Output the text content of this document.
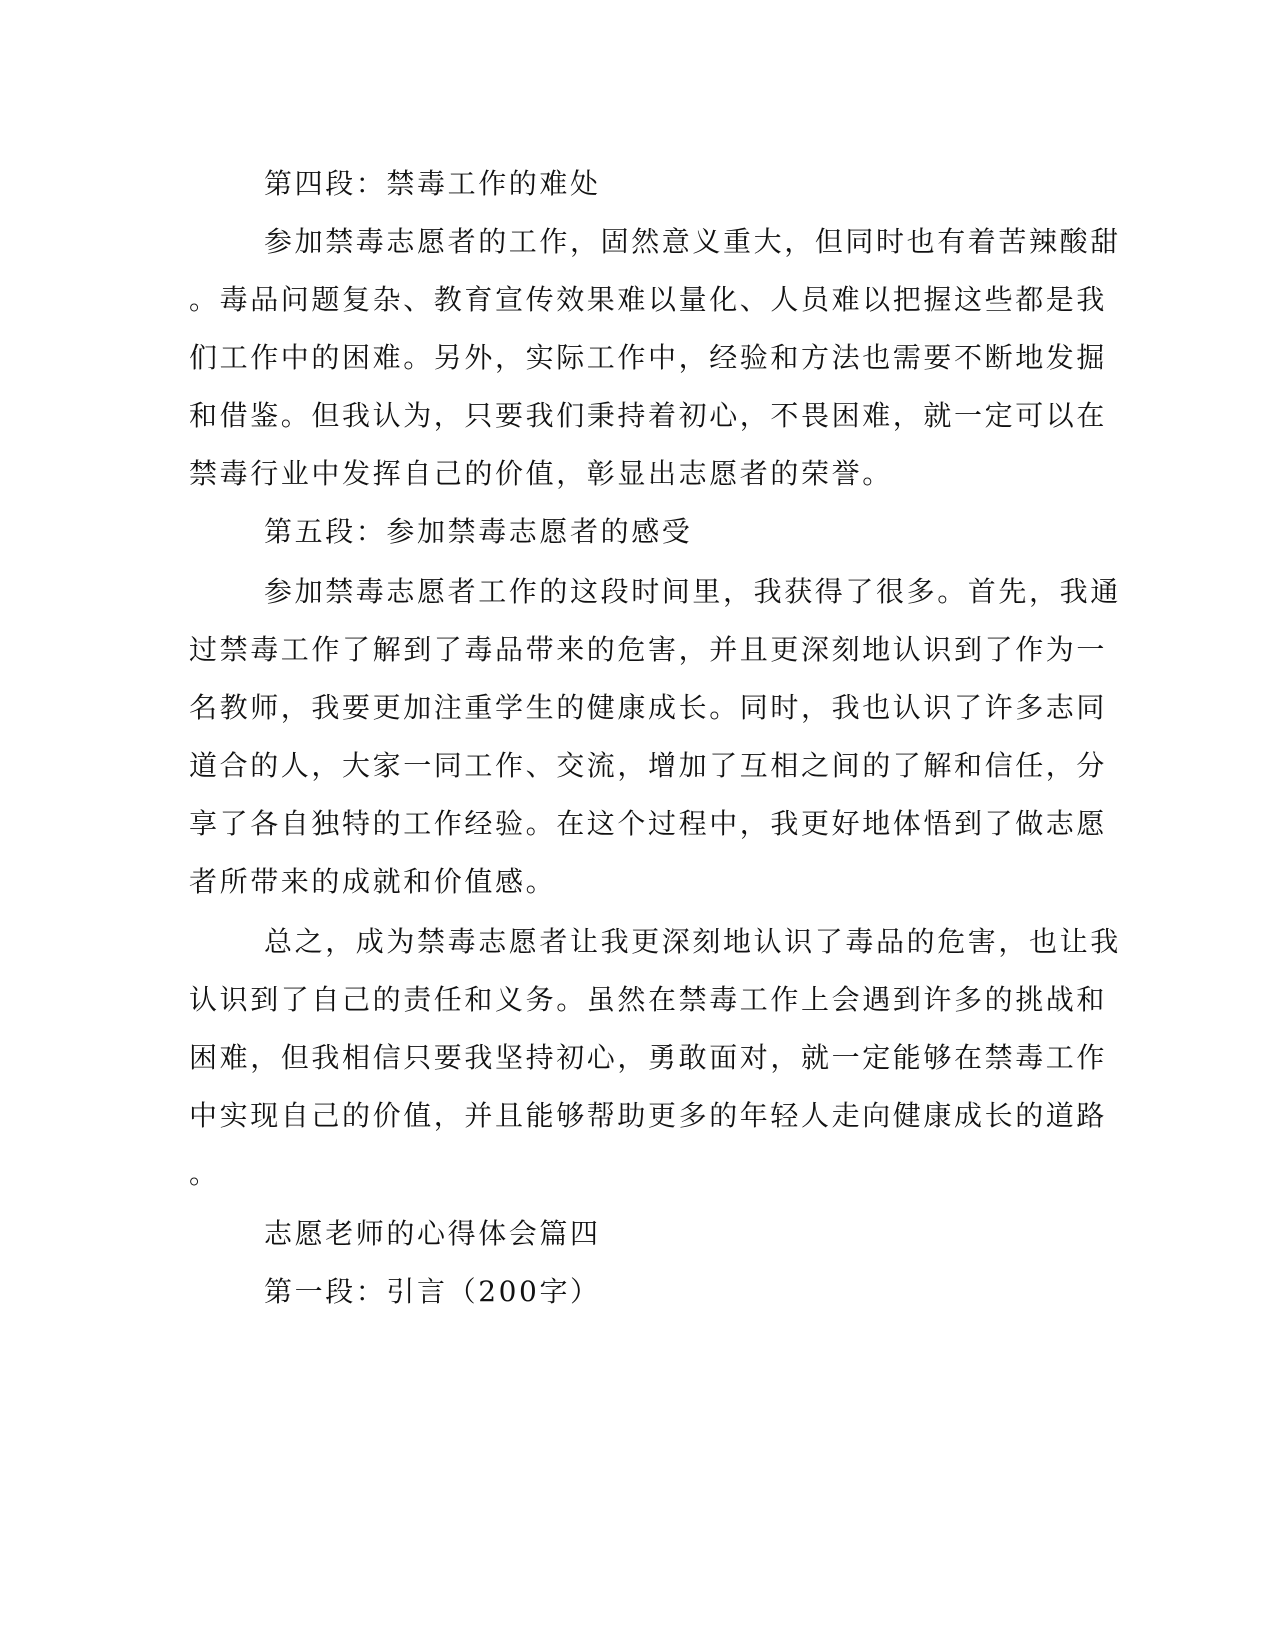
第四段：禁毒工作的难处
参加禁毒志愿者的工作，固然意义重大，但同时也有着苦辣酸甜
。毒品问题复杂、教育宣传效果难以量化、人员难以把握这些都是我
们工作中的困难。另外，实际工作中，经验和方法也需要不断地发掘
和借鉴。但我认为，只要我们秉持着初心，不畏困难，就一定可以在
禁毒行业中发挥自己的价值，彰显出志愿者的荣誉。
第五段：参加禁毒志愿者的感受
参加禁毒志愿者工作的这段时间里，我获得了很多。首先，我通
过禁毒工作了解到了毒品带来的危害，并且更深刻地认识到了作为一
名教师，我要更加注重学生的健康成长。同时，我也认识了许多志同
道合的人，大家一同工作、交流，增加了互相之间的了解和信任，分
享了各自独特的工作经验。在这个过程中，我更好地体悟到了做志愿
者所带来的成就和价值感。
总之，成为禁毒志愿者让我更深刻地认识了毒品的危害，也让我
认识到了自己的责任和义务。虽然在禁毒工作上会遇到许多的挑战和
困难，但我相信只要我坚持初心，勇敢面对，就一定能够在禁毒工作
中实现自己的价值，并且能够帮助更多的年轻人走向健康成长的道路
。
志愿老师的心得体会篇四
第一段：引言（200字）
